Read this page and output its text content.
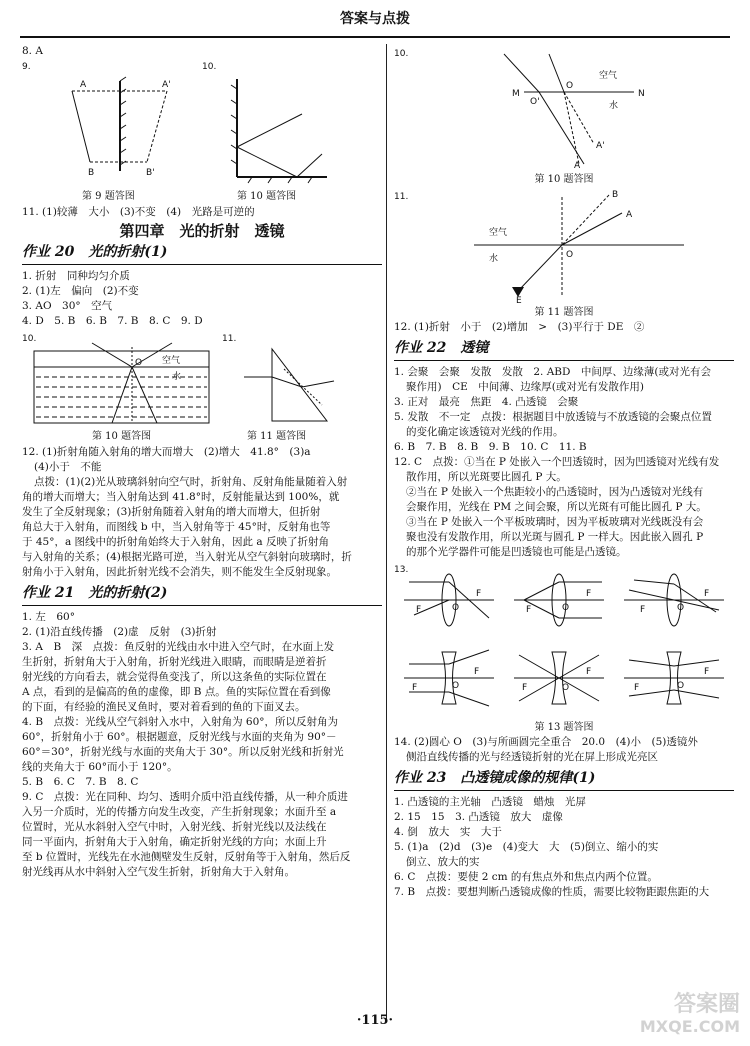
答案与点拨
8. A
9.	10.
A	A'
B	B'
第 9 题答图	第 10 题答图
11. (1)较薄　大小　(3)不变　(4)　光路是可逆的
第四章　光的折射　透镜
作业 20　光的折射(1)
1. 折射　同种均匀介质
2. (1)左　偏向　(2)不变
3. AO　30°　空气
4. D　5. B　6. B　7. B　8. C　9. D
10.	11.
O 空气
水
第 10 题答图	第 11 题答图
12. (1)折射角随入射角的增大而增大　(2)增大　41.8°　(3)a
(4)小于　不能
点拨：(1)(2)光从玻璃斜射向空气时，折射角、反射角能量随着入射
角的增大而增大；当入射角达到 41.8°时，反射能量达到 100%，就
发生了全反射现象；(3)折射角随着入射角的增大而增大，但折射
角总大于入射角，而图线 b 中，当入射角等于 45°时，反射角也等
于 45°，a 图线中的折射角始终大于入射角，因此 a 反映了折射角
与入射角的关系；(4)根据光路可逆，当入射光从空气斜射向玻璃时，折
射角小于入射角，因此折射光线不会消失，则不能发生全反射现象。
作业 21　光的折射(2)
1. 左　60°
2. (1)沿直线传播　(2)虚　反射　(3)折射
3. A　B　深　点拨：鱼反射的光线由水中进入空气时，在水面上发
生折射，折射角大于入射角，折射光线进入眼睛，而眼睛是逆着折
射光线的方向看去，就会觉得鱼变浅了，所以这条鱼的实际位置在
A 点，看到的是偏高的鱼的虚像，即 B 点。鱼的实际位置在看到像
的下面，有经验的渔民叉鱼时，要对着看到的鱼的下面叉去。
4. B　点拨：光线从空气斜射入水中，入射角为 60°，所以反射角为
60°，折射角小于 60°。根据题意，反射光线与水面的夹角为 90°－
60°＝30°，折射光线与水面的夹角大于 30°。所以反射光线和折射光
线的夹角大于 60°而小于 120°。
5. B　6. C　7. B　8. C
9. C　点拨：光在同种、均匀、透明介质中沿直线传播，从一种介质进
入另一介质时，光的传播方向发生改变，产生折射现象；水面升至 a
位置时，光从水斜射入空气中时，入射光线、折射光线以及法线在
同一平面内，折射角大于入射角，确定折射光线的方向；水面上升
至 b 位置时，光线先在水池侧壁发生反射，反射角等于入射角，然后反
射光线再从水中斜射入空气发生折射，折射角大于入射角。
10.
M
O'
O
空气
N
水
A
A'
第 10 题答图
11.	B
A
空气
O
水
E
第 11 题答图
12. (1)折射　小于　(2)增加　>　(3)平行于 DE　②
作业 22　透镜
1. 会聚　会聚　发散　发散　2. ABD　中间厚、边缘薄(或对光有会
聚作用)　CE　中间薄、边缘厚(或对光有发散作用)
3. 正对　最亮　焦距　4. 凸透镜　会聚
5. 发散　不一定　点拨：根据题目中放透镜与不放透镜的会聚点位置
的变化确定该透镜对光线的作用。
6. B　7. B　8. B　9. B　10. C　11. B
12. C　点拨：①当在 P 处嵌入一个凹透镜时，因为凹透镜对光线有发
散作用，所以光斑要比圆孔 P 大。
②当在 P 处嵌入一个焦距较小的凸透镜时，因为凸透镜对光线有
会聚作用，光线在 PM 之间会聚，所以光斑有可能比圆孔 P 大。
③当在 P 处嵌入一个平板玻璃时，因为平板玻璃对光线既没有会
聚也没有发散作用，所以光斑与圆孔 P 一样大。因此嵌入圆孔 P
的那个光学器件可能是凹透镜也可能是凸透镜。
13.
F	O
F
F	O
F
F	O
F
F	O
F
F	O
F
F	O
F
第 13 题答图
14. (2)圆心 O　(3)与所画圆完全重合　20.0　(4)小　(5)透镜外
侧沿直线传播的光与经透镜折射的光在屏上形成光亮区
作业 23　凸透镜成像的规律(1)
1. 凸透镜的主光轴　凸透镜　蜡烛　光屏
2. 15　15　3. 凸透镜　放大　虚像
4. 倒　放大　实　大于
5. (1)a　(2)d　(3)e　(4)变大　大　(5)倒立、缩小的实
倒立、放大的实
6. C　点拨：要使 2 cm 的有焦点外和焦点内两个位置。
7. B　点拨：要想判断凸透镜成像的性质，需要比较物距跟焦距的大
·115·
答案圈
MXQE.COM
